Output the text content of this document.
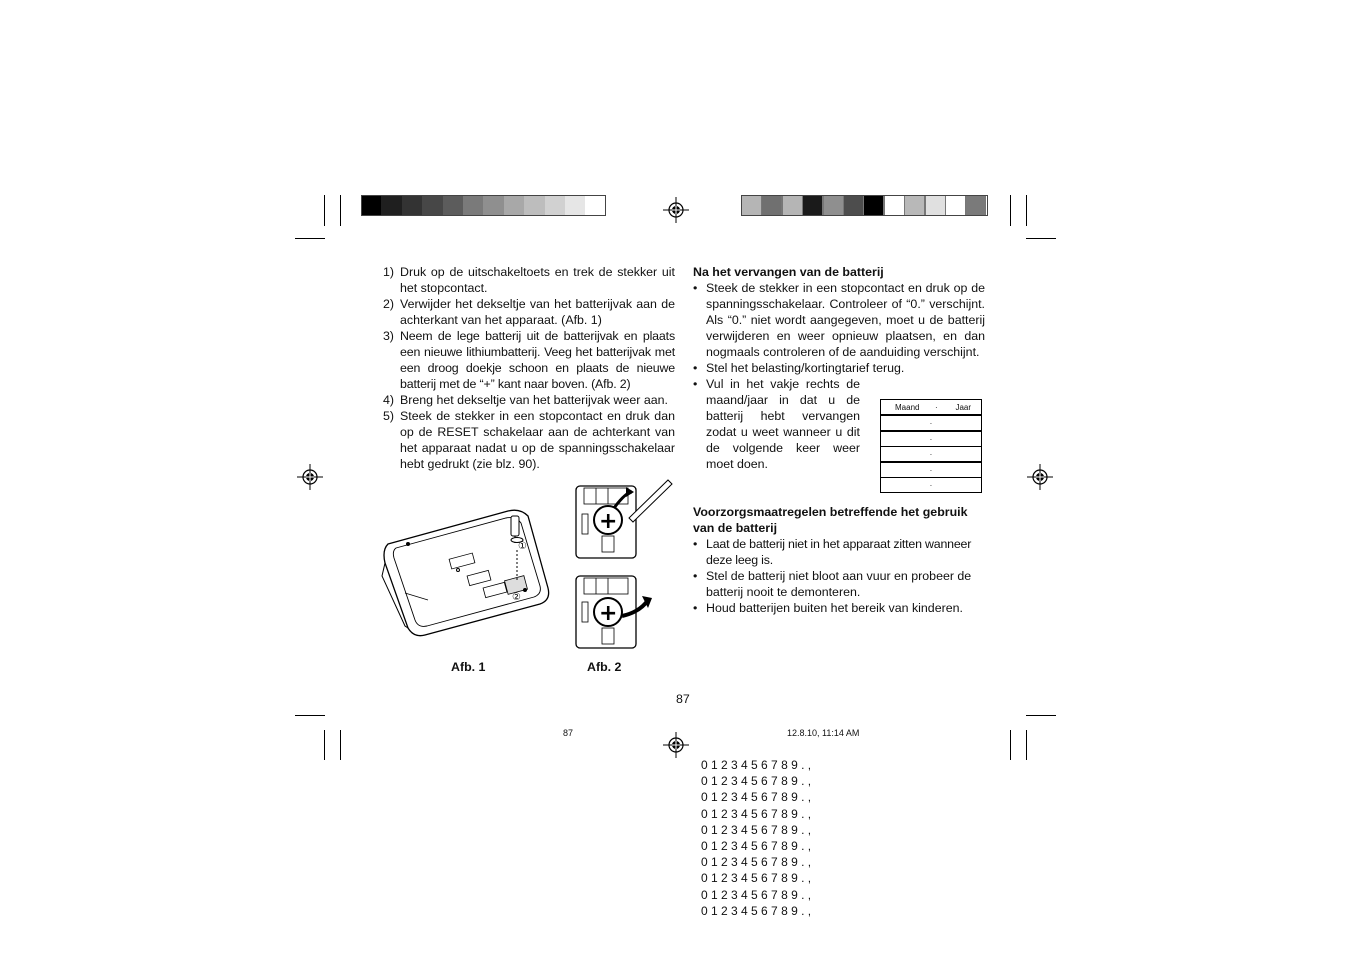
1) Druk op de uitschakeltoets en trek de stekker uit het stopcontact.
2) Verwijder het dekseltje van het batterijvak aan de achterkant van het apparaat. (Afb. 1)
3) Neem de lege batterij uit de batterijvak en plaats een nieuwe lithiumbatterij. Veeg het batterijvak met een droog doekje schoon en plaats de nieuwe batterij met de “+” kant naar boven. (Afb. 2)
4) Breng het dekseltje van het batterijvak weer aan.
5) Steek de stekker in een stopcontact en druk dan op de RESET schakelaar aan de achterkant van het apparaat nadat u op de spanningsschakelaar hebt gedrukt (zie blz. 90).
①
②
+
+
Afb. 1	Afb. 2
Na het vervangen van de batterij
• Steek de stekker in een stopcontact en druk op de spanningsschakelaar. Controleer of “0.” verschijnt. Als “0.” niet wordt aangegeven, moet u de batterij verwijderen en weer opnieuw plaatsen, en dan nogmaals controleren of de aanduiding verschijnt.
• Stel het belasting/kortingtarief terug.
• Vul in het vakje rechts de maand/jaar in dat u de batterij hebt vervangen zodat u weet wanneer u dit de volgende keer weer moet doen.
Maand · Jaar
·
·
·
·
·
Voorzorgsmaatregelen betreffende het gebruik van de batterij
• Laat de batterij niet in het apparaat zitten wanneer deze leeg is.
• Stel de batterij niet bloot aan vuur en probeer de batterij nooit te demonteren.
• Houd batterijen buiten het bereik van kinderen.
87
87	12.8.10, 11:14 AM
0 1 2 3 4 5 6 7 8 9 . ,
0 1 2 3 4 5 6 7 8 9 . ,
0 1 2 3 4 5 6 7 8 9 . ,
0 1 2 3 4 5 6 7 8 9 . ,
0 1 2 3 4 5 6 7 8 9 . ,
0 1 2 3 4 5 6 7 8 9 . ,
0 1 2 3 4 5 6 7 8 9 . ,
0 1 2 3 4 5 6 7 8 9 . ,
0 1 2 3 4 5 6 7 8 9 . ,
0 1 2 3 4 5 6 7 8 9 . ,
